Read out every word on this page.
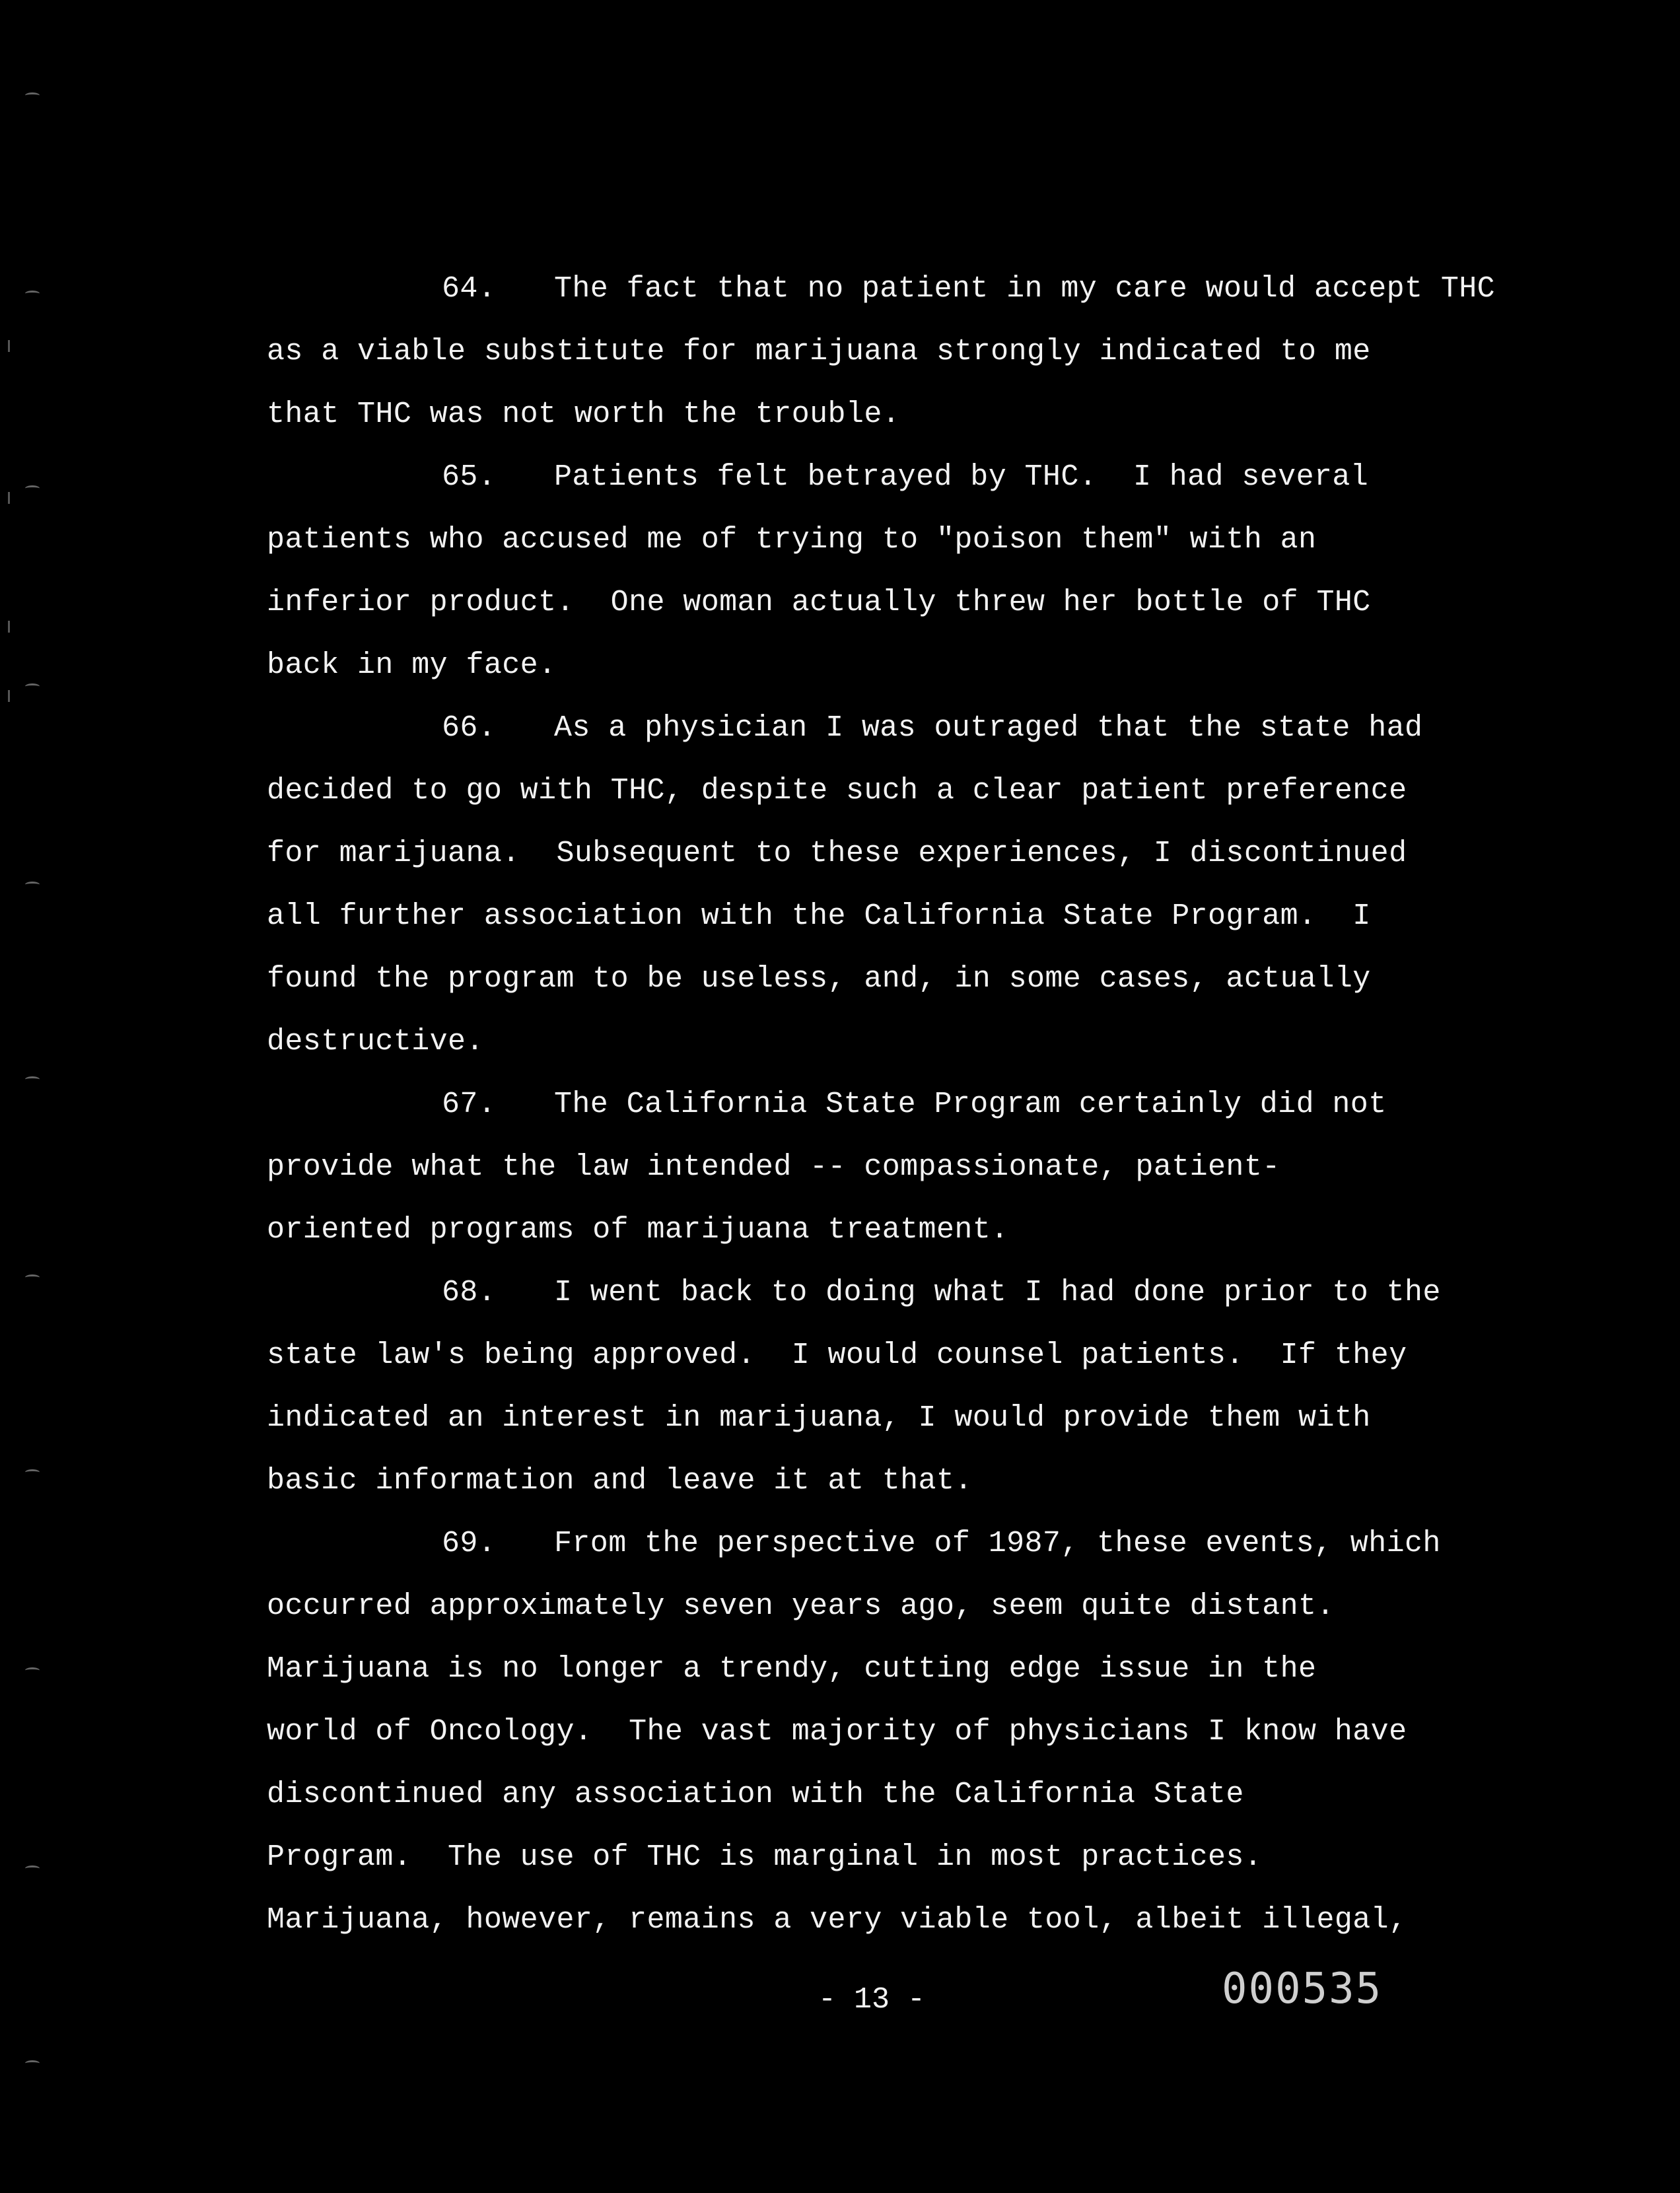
64. The fact that no patient in my care would accept THC
as a viable substitute for marijuana strongly indicated to me
that THC was not worth the trouble.
65. Patients felt betrayed by THC.  I had several
patients who accused me of trying to "poison them" with an
inferior product.  One woman actually threw her bottle of THC
back in my face.
66. As a physician I was outraged that the state had
decided to go with THC, despite such a clear patient preference
for marijuana.  Subsequent to these experiences, I discontinued
all further association with the California State Program.  I
found the program to be useless, and, in some cases, actually
destructive.
67. The California State Program certainly did not
provide what the law intended -- compassionate, patient-
oriented programs of marijuana treatment.
68. I went back to doing what I had done prior to the
state law's being approved.  I would counsel patients.  If they
indicated an interest in marijuana, I would provide them with
basic information and leave it at that.
69. From the perspective of 1987, these events, which
occurred approximately seven years ago, seem quite distant.
Marijuana is no longer a trendy, cutting edge issue in the
world of Oncology.  The vast majority of physicians I know have
discontinued any association with the California State
Program.  The use of THC is marginal in most practices.
Marijuana, however, remains a very viable tool, albeit illegal,
- 13 -	000535
